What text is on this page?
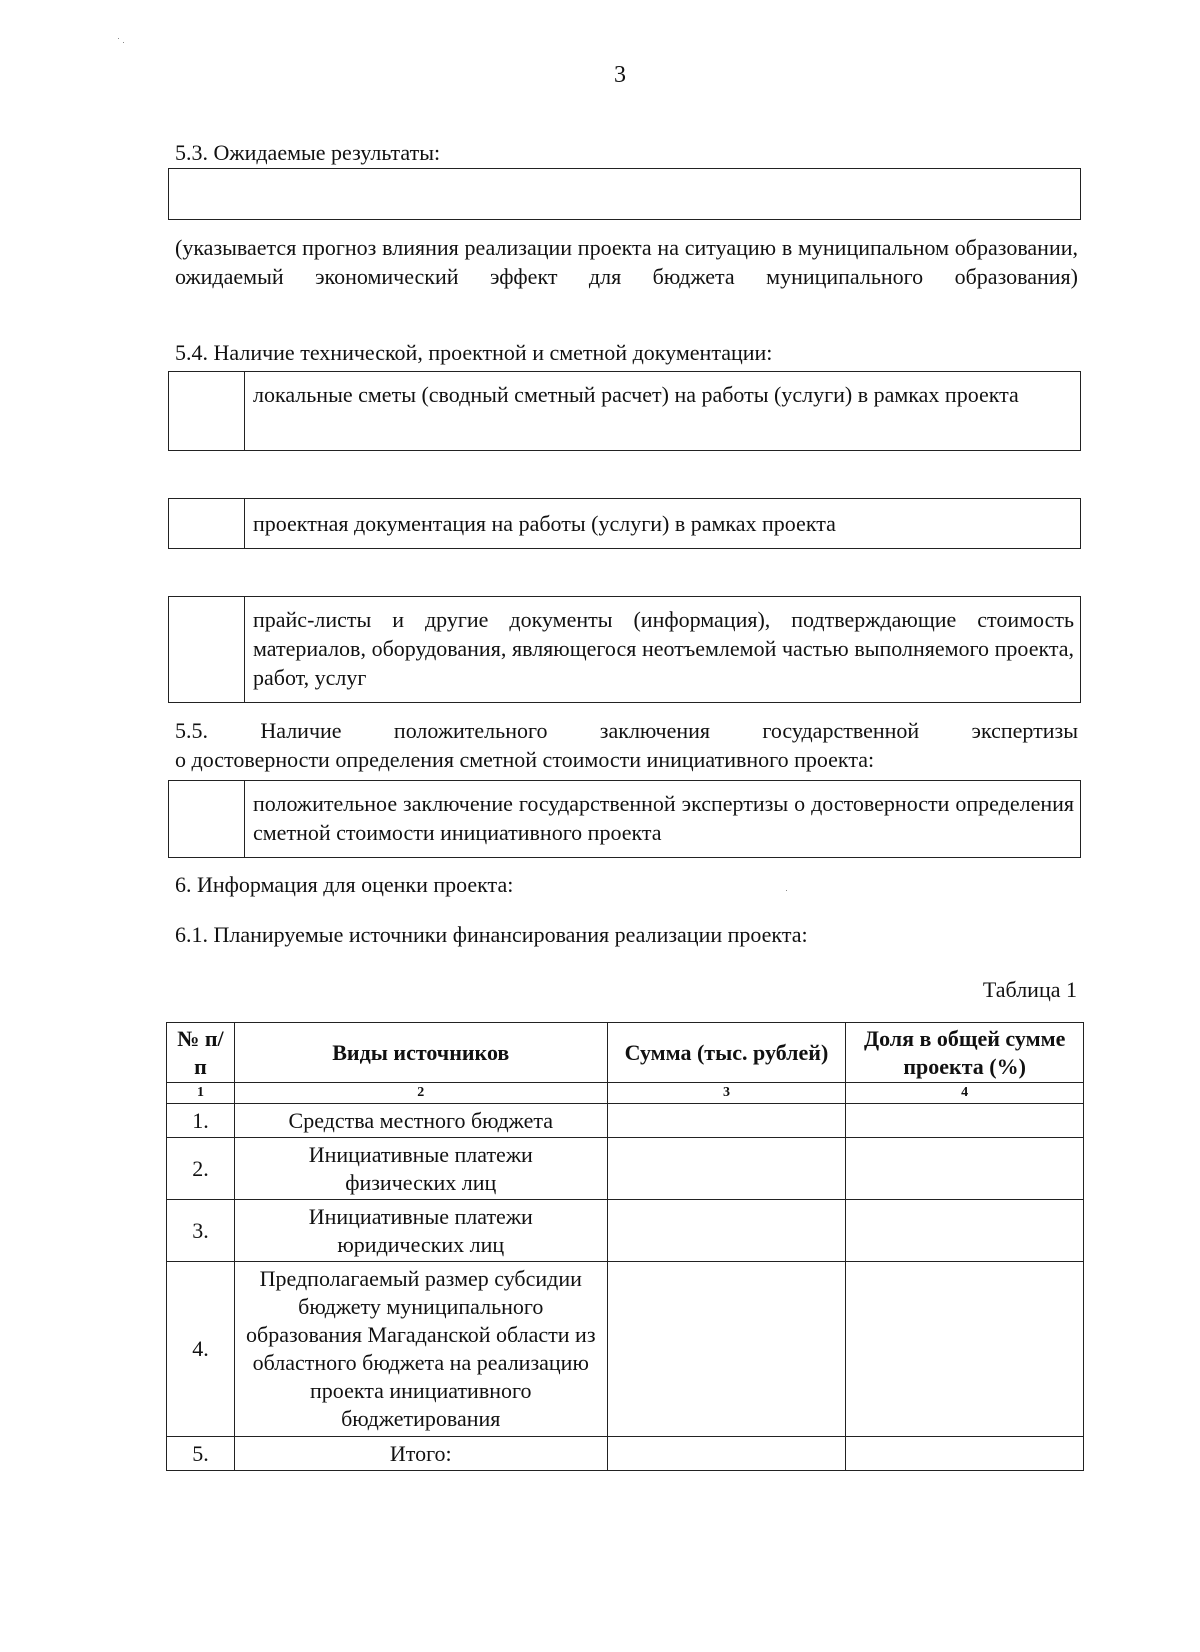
3
5.3. Ожидаемые результаты:
(указывается прогноз влияния реализации проекта на ситуацию в муниципальном образовании, ожидаемый экономический эффект для бюджета муниципального образования)
5.4. Наличие технической, проектной и сметной документации:
локальные сметы (сводный сметный расчет) на работы (услуги) в рамках проекта
проектная документация на работы (услуги) в рамках проекта
прайс-листы и другие документы (информация), подтверждающие стоимость материалов, оборудования, являющегося неотъемлемой частью выполняемого проекта, работ, услуг
5.5. Наличие положительного заключения государственной экспертизы
о достоверности определения сметной стоимости инициативного проекта:
положительное заключение государственной экспертизы о достоверности определения сметной стоимости инициативного проекта
6. Информация для оценки проекта:
6.1. Планируемые источники финансирования реализации проекта:
Таблица 1
№ п/п	Виды источников	Сумма (тыс. рублей)	Доля в общей сумме проекта (%)
1	2	3	4
1.	Средства местного бюджета		
2.	Инициативные платежи физических лиц		
3.	Инициативные платежи юридических лиц		
4.	Предполагаемый размер субсидии бюджету муниципального образования Магаданской области из областного бюджета на реализацию проекта инициативного бюджетирования		
5.	Итого:		
